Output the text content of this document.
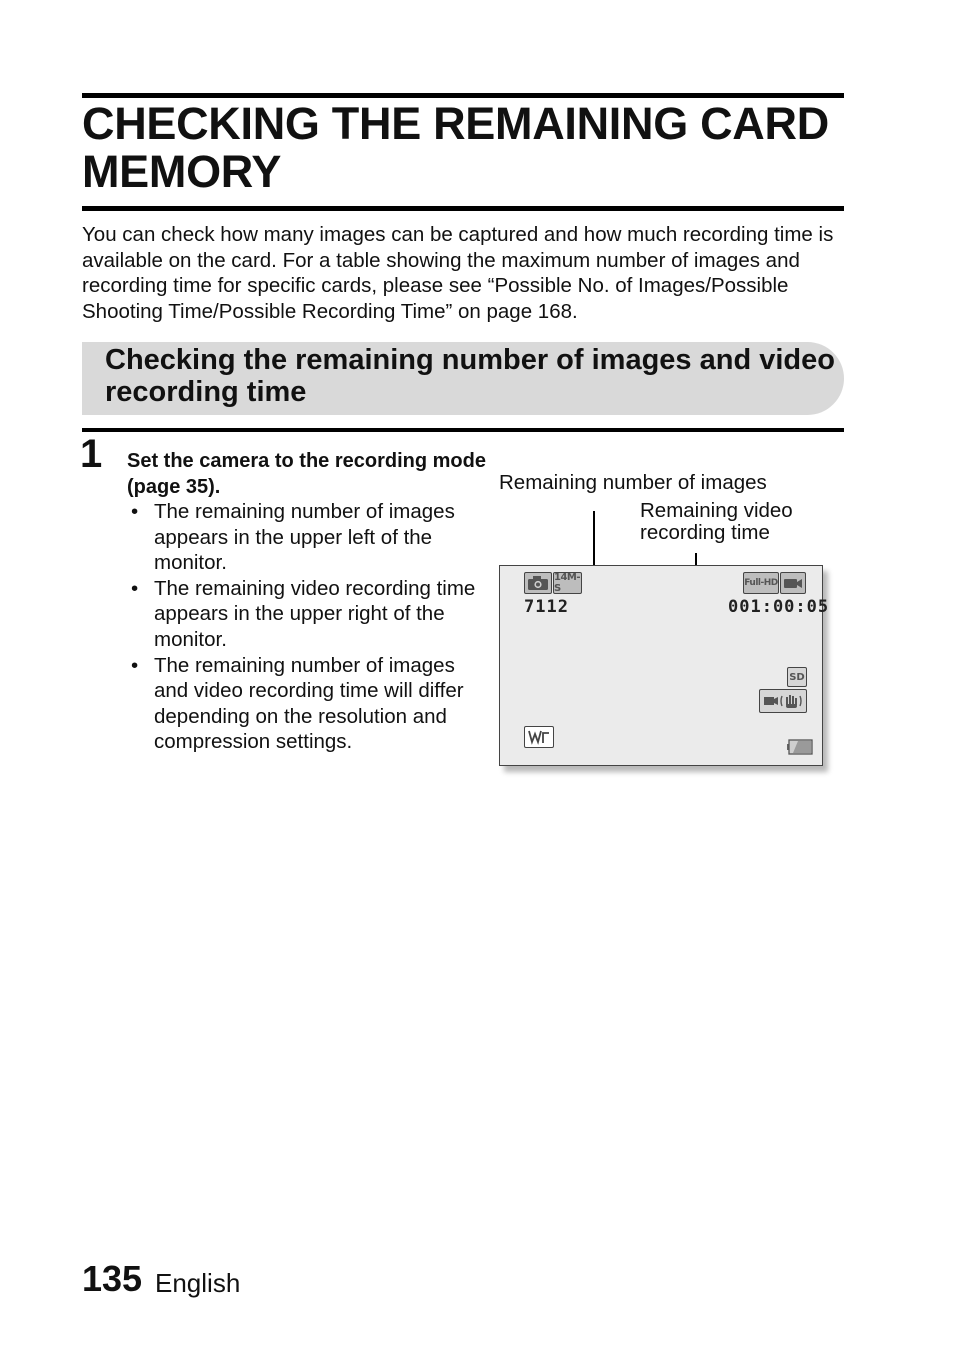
CHECKING THE REMAINING CARD MEMORY

You can check how many images can be captured and how much recording time is available on the card. For a table showing the maximum number of images and recording time for specific cards, please see “Possible No. of Images/Possible Shooting Time/Possible Recording Time” on page 168.

Checking the remaining number of images and video recording time
1 Set the camera to the recording mode (page 35).
• The remaining number of images appears in the upper left of the monitor.
• The remaining video recording time appears in the upper right of the monitor.
• The remaining number of images and video recording time will differ depending on the resolution and compression settings.
Remaining number of images
Remaining video recording time
14M-S
7112
Full-HD
001:00:05
SD
135 English
